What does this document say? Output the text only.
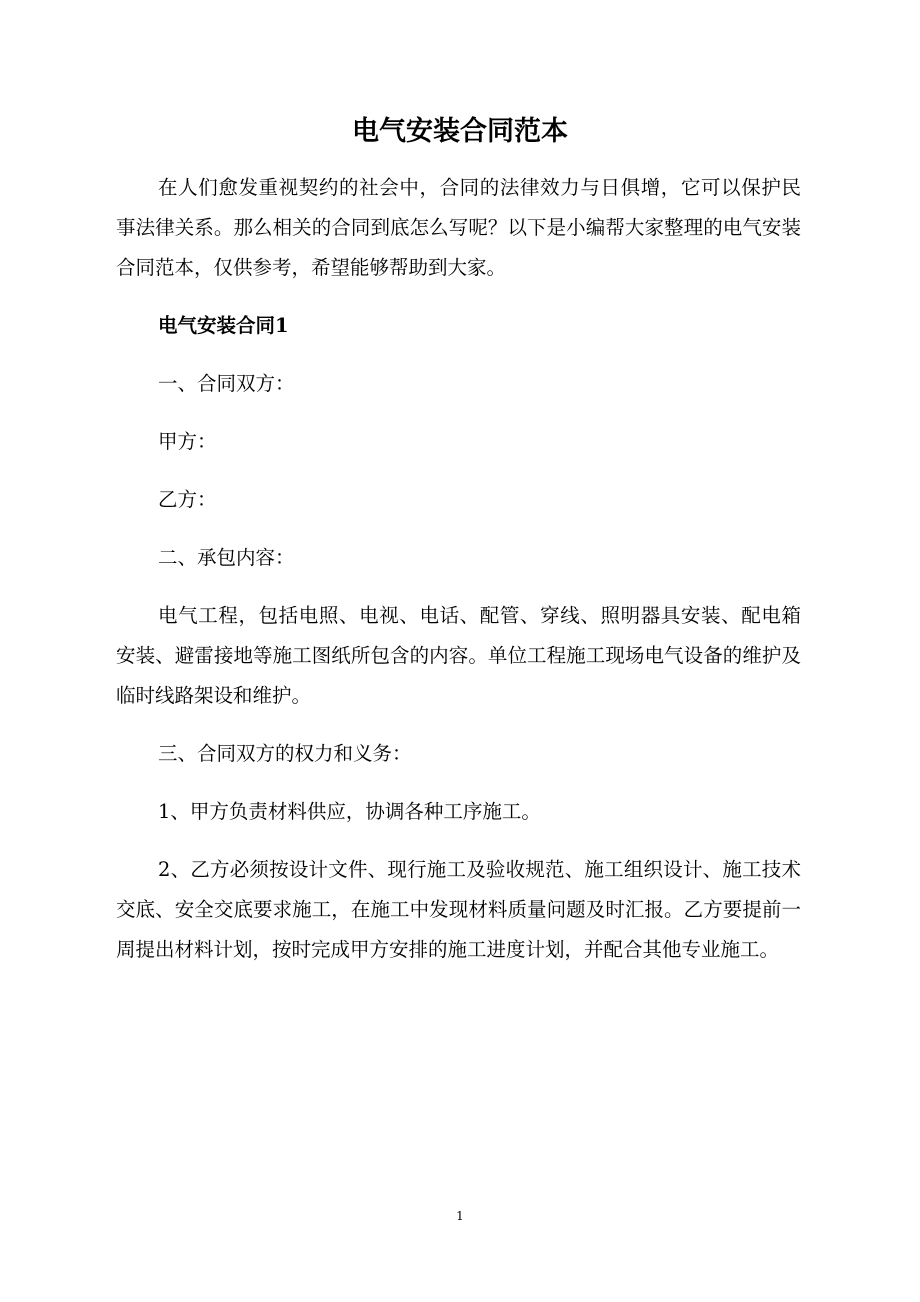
电气安装合同范本

在人们愈发重视契约的社会中，合同的法律效力与日俱增，它可以保护民事法律关系。那么相关的合同到底怎么写呢？以下是小编帮大家整理的电气安装合同范本，仅供参考，希望能够帮助到大家。

电气安装合同1

一、合同双方：

甲方：

乙方：

二、承包内容：

电气工程，包括电照、电视、电话、配管、穿线、照明器具安装、配电箱安装、避雷接地等施工图纸所包含的内容。单位工程施工现场电气设备的维护及临时线路架设和维护。

三、合同双方的权力和义务：

1、甲方负责材料供应，协调各种工序施工。

2、乙方必须按设计文件、现行施工及验收规范、施工组织设计、施工技术交底、安全交底要求施工，在施工中发现材料质量问题及时汇报。乙方要提前一周提出材料计划，按时完成甲方安排的施工进度计划，并配合其他专业施工。

1
